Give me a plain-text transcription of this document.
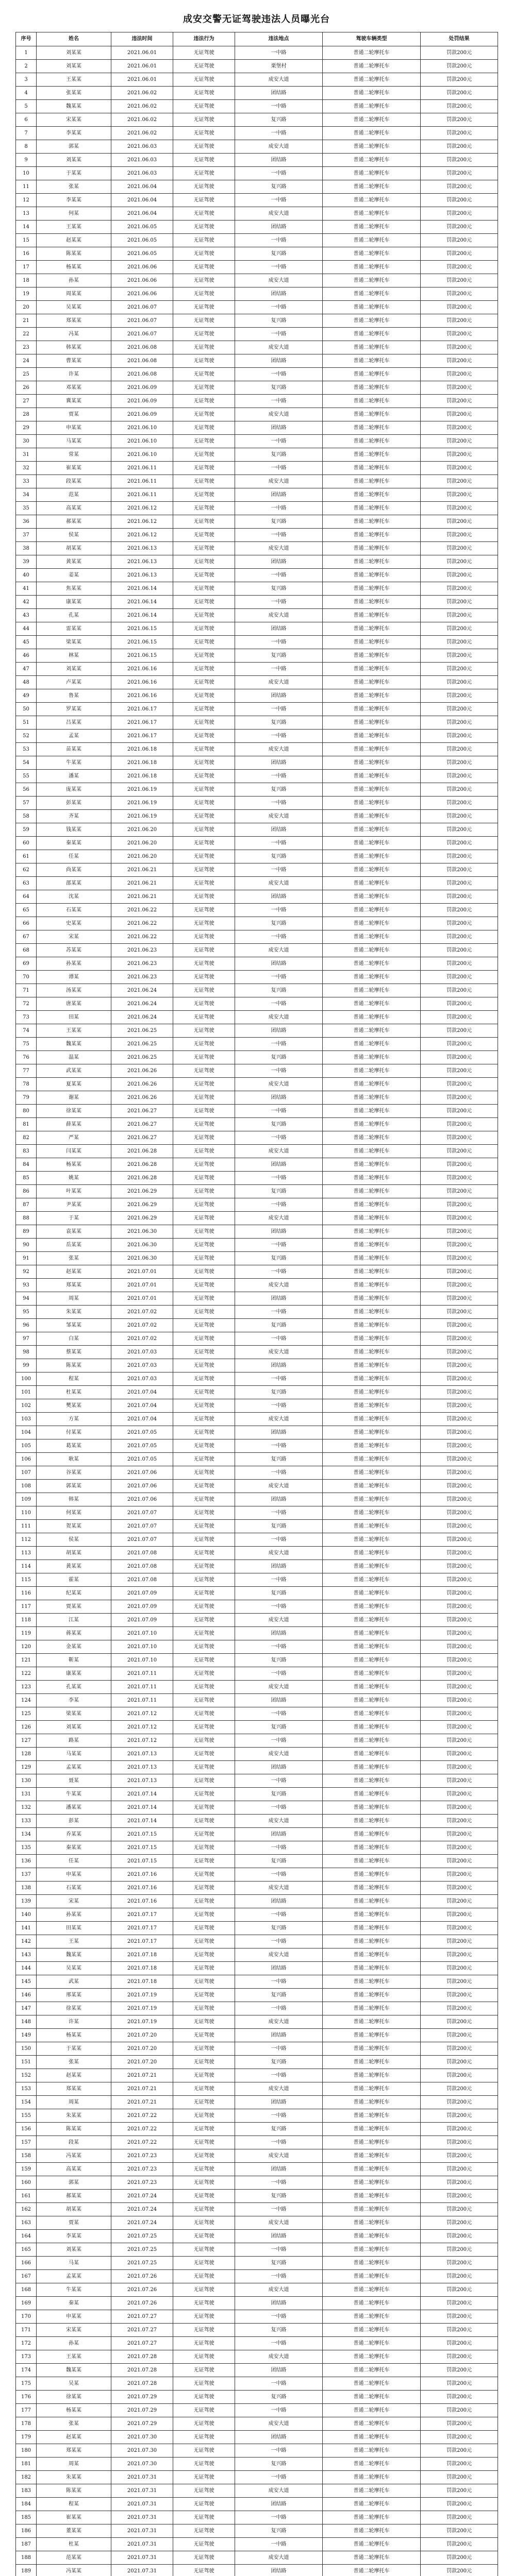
成安交警无证驾驶违法人员曝光台
序号	姓名	违法时间	违法行为	违法地点	驾驶车辆类型	处罚结果
1	刘某某	2021.06.01	无证驾驶	一中路	普通二轮摩托车	罚款200元
2	刘某某	2021.06.01	无证驾驶	栗堡村	普通二轮摩托车	罚款200元
3	王某某	2021.06.01	无证驾驶	成安大道	普通二轮摩托车	罚款200元
4	张某某	2021.06.02	无证驾驶	团结路	普通二轮摩托车	罚款200元
5	魏某某	2021.06.02	无证驾驶	一中路	普通二轮摩托车	罚款200元
6	宋某某	2021.06.02	无证驾驶	复兴路	普通二轮摩托车	罚款200元
7	李某某	2021.06.02	无证驾驶	一中路	普通二轮摩托车	罚款200元
8	郭某	2021.06.03	无证驾驶	成安大道	普通二轮摩托车	罚款200元
9	刘某某	2021.06.03	无证驾驶	团结路	普通二轮摩托车	罚款200元
10	于某某	2021.06.03	无证驾驶	一中路	普通二轮摩托车	罚款200元
11	张某	2021.06.04	无证驾驶	复兴路	普通二轮摩托车	罚款200元
12	李某某	2021.06.04	无证驾驶	一中路	普通二轮摩托车	罚款200元
13	何某	2021.06.04	无证驾驶	成安大道	普通二轮摩托车	罚款200元
14	王某某	2021.06.05	无证驾驶	团结路	普通二轮摩托车	罚款200元
15	赵某某	2021.06.05	无证驾驶	一中路	普通二轮摩托车	罚款200元
16	陈某某	2021.06.05	无证驾驶	复兴路	普通二轮摩托车	罚款200元
17	杨某某	2021.06.06	无证驾驶	一中路	普通二轮摩托车	罚款200元
18	孙某	2021.06.06	无证驾驶	成安大道	普通二轮摩托车	罚款200元
19	周某某	2021.06.06	无证驾驶	团结路	普通二轮摩托车	罚款200元
20	吴某某	2021.06.07	无证驾驶	一中路	普通二轮摩托车	罚款200元
21	郑某某	2021.06.07	无证驾驶	复兴路	普通二轮摩托车	罚款200元
22	冯某	2021.06.07	无证驾驶	一中路	普通二轮摩托车	罚款200元
23	韩某某	2021.06.08	无证驾驶	成安大道	普通二轮摩托车	罚款200元
24	曹某某	2021.06.08	无证驾驶	团结路	普通二轮摩托车	罚款200元
25	许某	2021.06.08	无证驾驶	一中路	普通二轮摩托车	罚款200元
26	邓某某	2021.06.09	无证驾驶	复兴路	普通二轮摩托车	罚款200元
27	冀某某	2021.06.09	无证驾驶	一中路	普通二轮摩托车	罚款200元
28	贾某	2021.06.09	无证驾驶	成安大道	普通二轮摩托车	罚款200元
29	申某某	2021.06.10	无证驾驶	团结路	普通二轮摩托车	罚款200元
30	马某某	2021.06.10	无证驾驶	一中路	普通二轮摩托车	罚款200元
31	常某	2021.06.10	无证驾驶	复兴路	普通二轮摩托车	罚款200元
32	崔某某	2021.06.11	无证驾驶	一中路	普通二轮摩托车	罚款200元
33	段某某	2021.06.11	无证驾驶	成安大道	普通二轮摩托车	罚款200元
34	范某	2021.06.11	无证驾驶	团结路	普通二轮摩托车	罚款200元
35	高某某	2021.06.12	无证驾驶	一中路	普通二轮摩托车	罚款200元
36	郝某某	2021.06.12	无证驾驶	复兴路	普通二轮摩托车	罚款200元
37	侯某	2021.06.12	无证驾驶	一中路	普通二轮摩托车	罚款200元
38	胡某某	2021.06.13	无证驾驶	成安大道	普通二轮摩托车	罚款200元
39	黄某某	2021.06.13	无证驾驶	团结路	普通二轮摩托车	罚款200元
40	姜某	2021.06.13	无证驾驶	一中路	普通二轮摩托车	罚款200元
41	焦某某	2021.06.14	无证驾驶	复兴路	普通二轮摩托车	罚款200元
42	康某某	2021.06.14	无证驾驶	一中路	普通二轮摩托车	罚款200元
43	孔某	2021.06.14	无证驾驶	成安大道	普通二轮摩托车	罚款200元
44	雷某某	2021.06.15	无证驾驶	团结路	普通二轮摩托车	罚款200元
45	梁某某	2021.06.15	无证驾驶	一中路	普通二轮摩托车	罚款200元
46	林某	2021.06.15	无证驾驶	复兴路	普通二轮摩托车	罚款200元
47	刘某某	2021.06.16	无证驾驶	一中路	普通二轮摩托车	罚款200元
48	卢某某	2021.06.16	无证驾驶	成安大道	普通二轮摩托车	罚款200元
49	鲁某	2021.06.16	无证驾驶	团结路	普通二轮摩托车	罚款200元
50	罗某某	2021.06.17	无证驾驶	一中路	普通二轮摩托车	罚款200元
51	吕某某	2021.06.17	无证驾驶	复兴路	普通二轮摩托车	罚款200元
52	孟某	2021.06.17	无证驾驶	一中路	普通二轮摩托车	罚款200元
53	苗某某	2021.06.18	无证驾驶	成安大道	普通二轮摩托车	罚款200元
54	牛某某	2021.06.18	无证驾驶	团结路	普通二轮摩托车	罚款200元
55	潘某	2021.06.18	无证驾驶	一中路	普通二轮摩托车	罚款200元
56	庞某某	2021.06.19	无证驾驶	复兴路	普通二轮摩托车	罚款200元
57	彭某某	2021.06.19	无证驾驶	一中路	普通二轮摩托车	罚款200元
58	齐某	2021.06.19	无证驾驶	成安大道	普通二轮摩托车	罚款200元
59	钱某某	2021.06.20	无证驾驶	团结路	普通二轮摩托车	罚款200元
60	秦某某	2021.06.20	无证驾驶	一中路	普通二轮摩托车	罚款200元
61	任某	2021.06.20	无证驾驶	复兴路	普通二轮摩托车	罚款200元
62	尚某某	2021.06.21	无证驾驶	一中路	普通二轮摩托车	罚款200元
63	邵某某	2021.06.21	无证驾驶	成安大道	普通二轮摩托车	罚款200元
64	沈某	2021.06.21	无证驾驶	团结路	普通二轮摩托车	罚款200元
65	石某某	2021.06.22	无证驾驶	一中路	普通二轮摩托车	罚款200元
66	史某某	2021.06.22	无证驾驶	复兴路	普通二轮摩托车	罚款200元
67	宋某	2021.06.22	无证驾驶	一中路	普通二轮摩托车	罚款200元
68	苏某某	2021.06.23	无证驾驶	成安大道	普通二轮摩托车	罚款200元
69	孙某某	2021.06.23	无证驾驶	团结路	普通二轮摩托车	罚款200元
70	谭某	2021.06.23	无证驾驶	一中路	普通二轮摩托车	罚款200元
71	汤某某	2021.06.24	无证驾驶	复兴路	普通二轮摩托车	罚款200元
72	唐某某	2021.06.24	无证驾驶	一中路	普通二轮摩托车	罚款200元
73	田某	2021.06.24	无证驾驶	成安大道	普通二轮摩托车	罚款200元
74	王某某	2021.06.25	无证驾驶	团结路	普通二轮摩托车	罚款200元
75	魏某某	2021.06.25	无证驾驶	一中路	普通二轮摩托车	罚款200元
76	温某	2021.06.25	无证驾驶	复兴路	普通二轮摩托车	罚款200元
77	武某某	2021.06.26	无证驾驶	一中路	普通二轮摩托车	罚款200元
78	夏某某	2021.06.26	无证驾驶	成安大道	普通二轮摩托车	罚款200元
79	谢某	2021.06.26	无证驾驶	团结路	普通二轮摩托车	罚款200元
80	徐某某	2021.06.27	无证驾驶	一中路	普通二轮摩托车	罚款200元
81	薛某某	2021.06.27	无证驾驶	复兴路	普通二轮摩托车	罚款200元
82	严某	2021.06.27	无证驾驶	一中路	普通二轮摩托车	罚款200元
83	闫某某	2021.06.28	无证驾驶	成安大道	普通二轮摩托车	罚款200元
84	杨某某	2021.06.28	无证驾驶	团结路	普通二轮摩托车	罚款200元
85	姚某	2021.06.28	无证驾驶	一中路	普通二轮摩托车	罚款200元
86	叶某某	2021.06.29	无证驾驶	复兴路	普通二轮摩托车	罚款200元
87	尹某某	2021.06.29	无证驾驶	一中路	普通二轮摩托车	罚款200元
88	于某	2021.06.29	无证驾驶	成安大道	普通二轮摩托车	罚款200元
89	袁某某	2021.06.30	无证驾驶	团结路	普通二轮摩托车	罚款200元
90	岳某某	2021.06.30	无证驾驶	一中路	普通二轮摩托车	罚款200元
91	张某	2021.06.30	无证驾驶	复兴路	普通二轮摩托车	罚款200元
92	赵某某	2021.07.01	无证驾驶	一中路	普通二轮摩托车	罚款200元
93	郑某某	2021.07.01	无证驾驶	成安大道	普通二轮摩托车	罚款200元
94	周某	2021.07.01	无证驾驶	团结路	普通二轮摩托车	罚款200元
95	朱某某	2021.07.02	无证驾驶	一中路	普通二轮摩托车	罚款200元
96	邹某某	2021.07.02	无证驾驶	复兴路	普通二轮摩托车	罚款200元
97	白某	2021.07.02	无证驾驶	一中路	普通二轮摩托车	罚款200元
98	蔡某某	2021.07.03	无证驾驶	成安大道	普通二轮摩托车	罚款200元
99	陈某某	2021.07.03	无证驾驶	团结路	普通二轮摩托车	罚款200元
100	程某	2021.07.03	无证驾驶	一中路	普通二轮摩托车	罚款200元
101	杜某某	2021.07.04	无证驾驶	复兴路	普通二轮摩托车	罚款200元
102	樊某某	2021.07.04	无证驾驶	一中路	普通二轮摩托车	罚款200元
103	方某	2021.07.04	无证驾驶	成安大道	普通二轮摩托车	罚款200元
104	付某某	2021.07.05	无证驾驶	团结路	普通二轮摩托车	罚款200元
105	葛某某	2021.07.05	无证驾驶	一中路	普通二轮摩托车	罚款200元
106	耿某	2021.07.05	无证驾驶	复兴路	普通二轮摩托车	罚款200元
107	谷某某	2021.07.06	无证驾驶	一中路	普通二轮摩托车	罚款200元
108	郭某某	2021.07.06	无证驾驶	成安大道	普通二轮摩托车	罚款200元
109	韩某	2021.07.06	无证驾驶	团结路	普通二轮摩托车	罚款200元
110	何某某	2021.07.07	无证驾驶	一中路	普通二轮摩托车	罚款200元
111	贺某某	2021.07.07	无证驾驶	复兴路	普通二轮摩托车	罚款200元
112	侯某	2021.07.07	无证驾驶	一中路	普通二轮摩托车	罚款200元
113	胡某某	2021.07.08	无证驾驶	成安大道	普通二轮摩托车	罚款200元
114	黄某某	2021.07.08	无证驾驶	团结路	普通二轮摩托车	罚款200元
115	霍某	2021.07.08	无证驾驶	一中路	普通二轮摩托车	罚款200元
116	纪某某	2021.07.09	无证驾驶	复兴路	普通二轮摩托车	罚款200元
117	贾某某	2021.07.09	无证驾驶	一中路	普通二轮摩托车	罚款200元
118	江某	2021.07.09	无证驾驶	成安大道	普通二轮摩托车	罚款200元
119	蒋某某	2021.07.10	无证驾驶	团结路	普通二轮摩托车	罚款200元
120	金某某	2021.07.10	无证驾驶	一中路	普通二轮摩托车	罚款200元
121	靳某	2021.07.10	无证驾驶	复兴路	普通二轮摩托车	罚款200元
122	康某某	2021.07.11	无证驾驶	一中路	普通二轮摩托车	罚款200元
123	孔某某	2021.07.11	无证驾驶	成安大道	普通二轮摩托车	罚款200元
124	李某	2021.07.11	无证驾驶	团结路	普通二轮摩托车	罚款200元
125	梁某某	2021.07.12	无证驾驶	一中路	普通二轮摩托车	罚款200元
126	刘某某	2021.07.12	无证驾驶	复兴路	普通二轮摩托车	罚款200元
127	路某	2021.07.12	无证驾驶	一中路	普通二轮摩托车	罚款200元
128	马某某	2021.07.13	无证驾驶	成安大道	普通二轮摩托车	罚款200元
129	孟某某	2021.07.13	无证驾驶	团结路	普通二轮摩托车	罚款200元
130	聂某	2021.07.13	无证驾驶	一中路	普通二轮摩托车	罚款200元
131	牛某某	2021.07.14	无证驾驶	复兴路	普通二轮摩托车	罚款200元
132	潘某某	2021.07.14	无证驾驶	一中路	普通二轮摩托车	罚款200元
133	彭某	2021.07.14	无证驾驶	成安大道	普通二轮摩托车	罚款200元
134	乔某某	2021.07.15	无证驾驶	团结路	普通二轮摩托车	罚款200元
135	秦某某	2021.07.15	无证驾驶	一中路	普通二轮摩托车	罚款200元
136	任某	2021.07.15	无证驾驶	复兴路	普通二轮摩托车	罚款200元
137	申某某	2021.07.16	无证驾驶	一中路	普通二轮摩托车	罚款200元
138	石某某	2021.07.16	无证驾驶	成安大道	普通二轮摩托车	罚款200元
139	宋某	2021.07.16	无证驾驶	团结路	普通二轮摩托车	罚款200元
140	孙某某	2021.07.17	无证驾驶	一中路	普通二轮摩托车	罚款200元
141	田某某	2021.07.17	无证驾驶	复兴路	普通二轮摩托车	罚款200元
142	王某	2021.07.17	无证驾驶	一中路	普通二轮摩托车	罚款200元
143	魏某某	2021.07.18	无证驾驶	成安大道	普通二轮摩托车	罚款200元
144	吴某某	2021.07.18	无证驾驶	团结路	普通二轮摩托车	罚款200元
145	武某	2021.07.18	无证驾驶	一中路	普通二轮摩托车	罚款200元
146	邢某某	2021.07.19	无证驾驶	复兴路	普通二轮摩托车	罚款200元
147	徐某某	2021.07.19	无证驾驶	一中路	普通二轮摩托车	罚款200元
148	许某	2021.07.19	无证驾驶	成安大道	普通二轮摩托车	罚款200元
149	杨某某	2021.07.20	无证驾驶	团结路	普通二轮摩托车	罚款200元
150	于某某	2021.07.20	无证驾驶	一中路	普通二轮摩托车	罚款200元
151	张某	2021.07.20	无证驾驶	复兴路	普通二轮摩托车	罚款200元
152	赵某某	2021.07.21	无证驾驶	一中路	普通二轮摩托车	罚款200元
153	郑某某	2021.07.21	无证驾驶	成安大道	普通二轮摩托车	罚款200元
154	周某	2021.07.21	无证驾驶	团结路	普通二轮摩托车	罚款200元
155	朱某某	2021.07.22	无证驾驶	一中路	普通二轮摩托车	罚款200元
156	陈某某	2021.07.22	无证驾驶	复兴路	普通二轮摩托车	罚款200元
157	段某	2021.07.22	无证驾驶	一中路	普通二轮摩托车	罚款200元
158	冯某某	2021.07.23	无证驾驶	成安大道	普通二轮摩托车	罚款200元
159	高某某	2021.07.23	无证驾驶	团结路	普通二轮摩托车	罚款200元
160	郭某	2021.07.23	无证驾驶	一中路	普通二轮摩托车	罚款200元
161	郝某某	2021.07.24	无证驾驶	复兴路	普通二轮摩托车	罚款200元
162	胡某某	2021.07.24	无证驾驶	一中路	普通二轮摩托车	罚款200元
163	贾某	2021.07.24	无证驾驶	成安大道	普通二轮摩托车	罚款200元
164	李某某	2021.07.25	无证驾驶	团结路	普通二轮摩托车	罚款200元
165	刘某某	2021.07.25	无证驾驶	一中路	普通二轮摩托车	罚款200元
166	马某	2021.07.25	无证驾驶	复兴路	普通二轮摩托车	罚款200元
167	孟某某	2021.07.26	无证驾驶	一中路	普通二轮摩托车	罚款200元
168	牛某某	2021.07.26	无证驾驶	成安大道	普通二轮摩托车	罚款200元
169	秦某	2021.07.26	无证驾驶	团结路	普通二轮摩托车	罚款200元
170	申某某	2021.07.27	无证驾驶	一中路	普通二轮摩托车	罚款200元
171	宋某某	2021.07.27	无证驾驶	复兴路	普通二轮摩托车	罚款200元
172	孙某	2021.07.27	无证驾驶	一中路	普通二轮摩托车	罚款200元
173	王某某	2021.07.28	无证驾驶	成安大道	普通二轮摩托车	罚款200元
174	魏某某	2021.07.28	无证驾驶	团结路	普通二轮摩托车	罚款200元
175	吴某	2021.07.28	无证驾驶	一中路	普通二轮摩托车	罚款200元
176	徐某某	2021.07.29	无证驾驶	复兴路	普通二轮摩托车	罚款200元
177	杨某某	2021.07.29	无证驾驶	一中路	普通二轮摩托车	罚款200元
178	张某	2021.07.29	无证驾驶	成安大道	普通二轮摩托车	罚款200元
179	赵某某	2021.07.30	无证驾驶	团结路	普通二轮摩托车	罚款200元
180	郑某某	2021.07.30	无证驾驶	一中路	普通二轮摩托车	罚款200元
181	周某	2021.07.30	无证驾驶	复兴路	普通二轮摩托车	罚款200元
182	朱某某	2021.07.31	无证驾驶	一中路	普通二轮摩托车	罚款200元
183	陈某某	2021.07.31	无证驾驶	成安大道	普通二轮摩托车	罚款200元
184	程某	2021.07.31	无证驾驶	团结路	普通二轮摩托车	罚款200元
185	崔某某	2021.07.31	无证驾驶	一中路	普通二轮摩托车	罚款200元
186	董某某	2021.07.31	无证驾驶	复兴路	普通二轮摩托车	罚款200元
187	杜某	2021.07.31	无证驾驶	一中路	普通二轮摩托车	罚款200元
188	范某某	2021.07.31	无证驾驶	成安大道	普通二轮摩托车	罚款200元
189	冯某某	2021.07.31	无证驾驶	团结路	普通二轮摩托车	罚款200元
